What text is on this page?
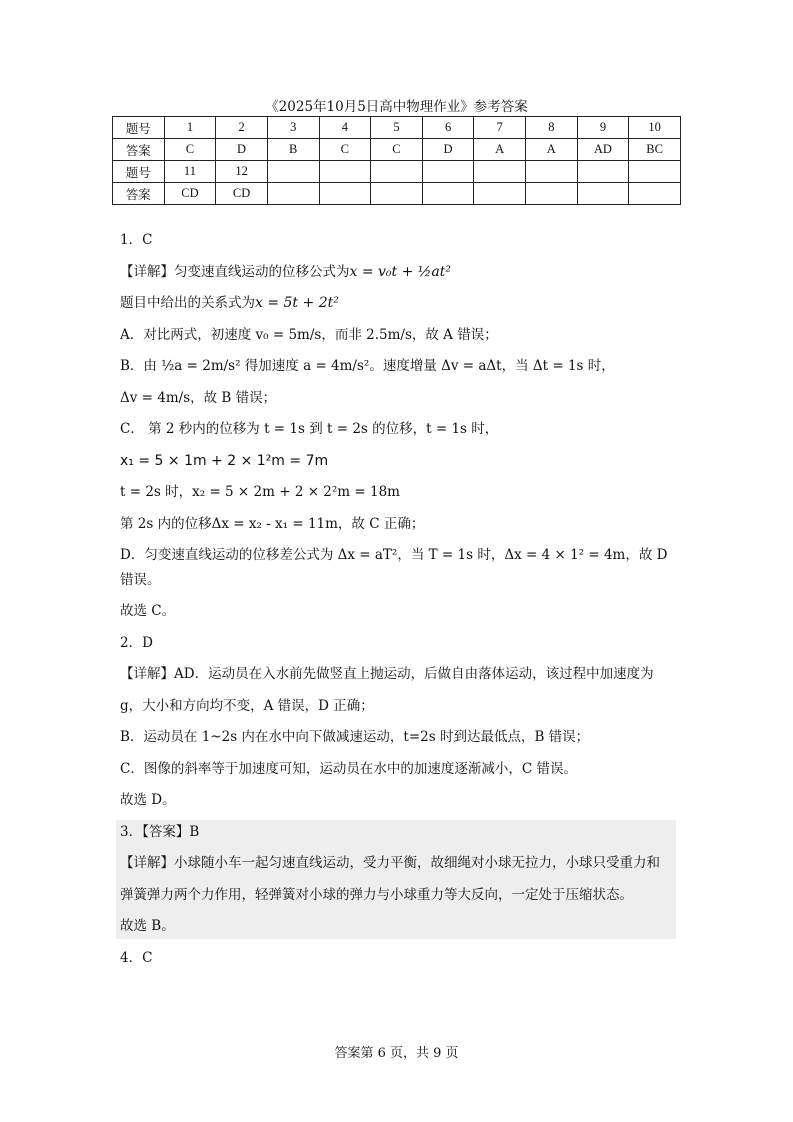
《2025年10月5日高中物理作业》参考答案
题号	1	2	3	4	5	6	7	8	9	10
答案	C	D	B	C	C	D	A	A	AD	BC
题号	11	12								
答案	CD	CD								

1．C

【详解】匀变速直线运动的位移公式为x = v₀t + ½at²

题目中给出的关系式为x = 5t + 2t²

A．对比两式，初速度 v₀ = 5m/s，而非 2.5m/s，故 A 错误；

B．由 ½a = 2m/s² 得加速度 a = 4m/s²。速度增量 Δv = aΔt，当 Δt = 1s 时，

Δv = 4m/s，故 B 错误；

C． 第 2 秒内的位移为 t = 1s 到 t = 2s 的位移，t = 1s 时，

x₁ = 5 × 1m + 2 × 1²m = 7m

t = 2s 时，x₂ = 5 × 2m + 2 × 2²m = 18m

第 2s 内的位移Δx = x₂ - x₁ = 11m，故 C 正确；

D．匀变速直线运动的位移差公式为 Δx = aT²，当 T = 1s 时，Δx = 4 × 1² = 4m，故 D

错误。

故选 C。

2．D

【详解】AD．运动员在入水前先做竖直上抛运动，后做自由落体运动，该过程中加速度为

g，大小和方向均不变，A 错误，D 正确；

B．运动员在 1~2s 内在水中向下做减速运动，t=2s 时到达最低点，B 错误；

C．图像的斜率等于加速度可知，运动员在水中的加速度逐渐减小，C 错误。

故选 D。

3．【答案】B

【详解】小球随小车一起匀速直线运动，受力平衡，故细绳对小球无拉力，小球只受重力和

弹簧弹力两个力作用，轻弹簧对小球的弹力与小球重力等大反向，一定处于压缩状态。

故选 B。

4．C

答案第 6 页，共 9 页
